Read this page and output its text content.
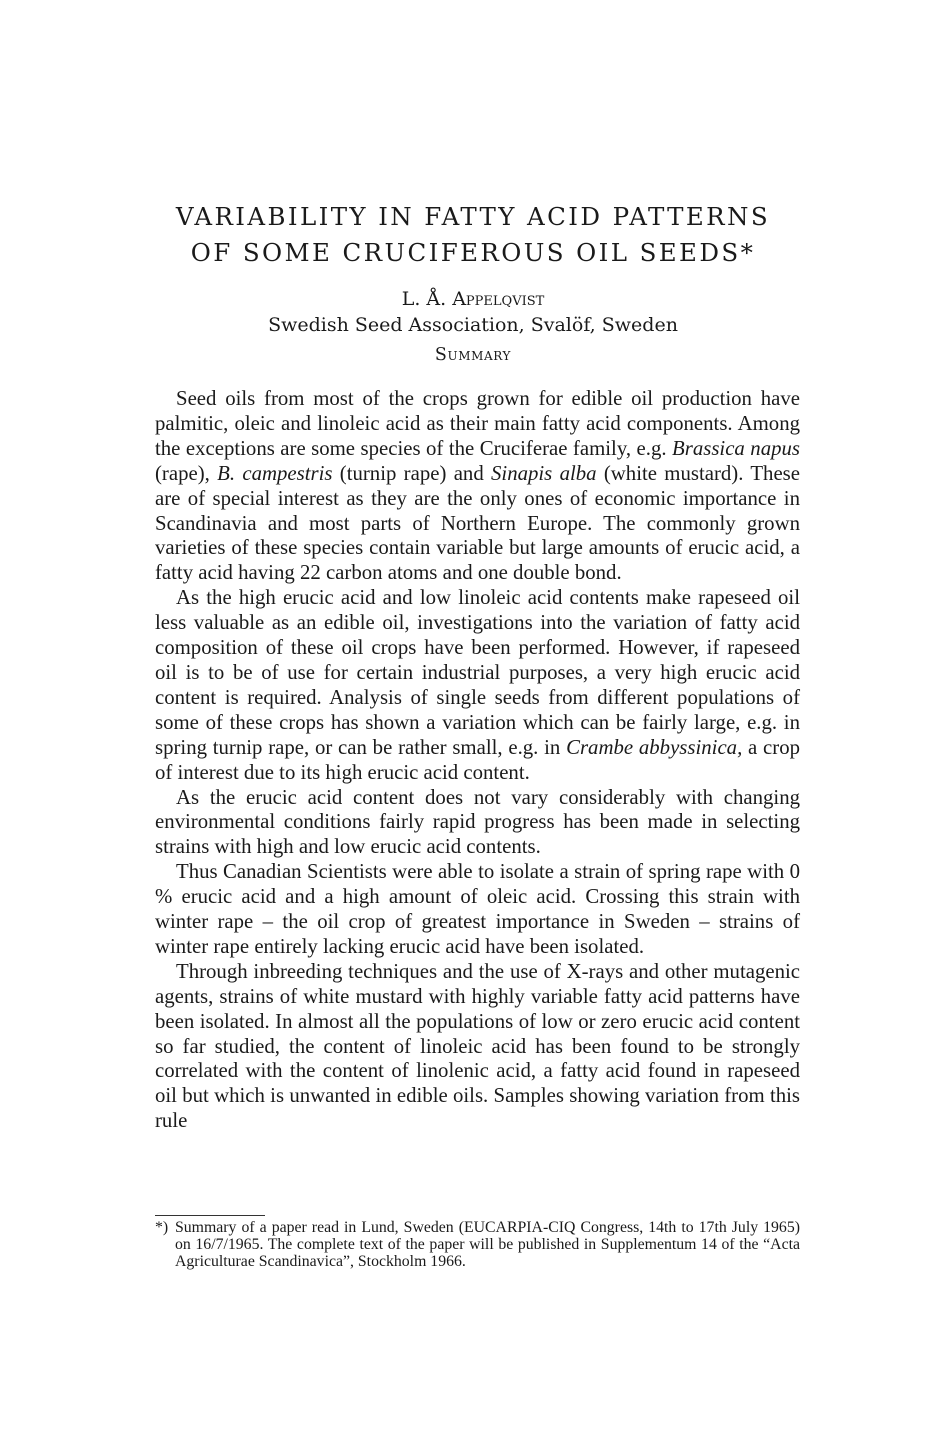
VARIABILITY IN FATTY ACID PATTERNS
OF SOME CRUCIFEROUS OIL SEEDS*
L. Å. Appelqvist
Swedish Seed Association, Svalöf, Sweden
Summary

Seed oils from most of the crops grown for edible oil production have palmitic, oleic and linoleic acid as their main fatty acid components. Among the exceptions are some species of the Cruciferae family, e.g. Brassica napus (rape), B. campestris (turnip rape) and Sinapis alba (white mustard). These are of special interest as they are the only ones of economic importance in Scandinavia and most parts of Northern Europe. The commonly grown varieties of these species contain variable but large amounts of erucic acid, a fatty acid having 22 carbon atoms and one double bond.

As the high erucic acid and low linoleic acid contents make rapeseed oil less valuable as an edible oil, investigations into the variation of fatty acid composition of these oil crops have been performed. However, if rapeseed oil is to be of use for certain industrial purposes, a very high erucic acid content is required. Analysis of single seeds from different populations of some of these crops has shown a variation which can be fairly large, e.g. in spring turnip rape, or can be rather small, e.g. in Crambe abbyssinica, a crop of interest due to its high erucic acid content.

As the erucic acid content does not vary considerably with changing environmental conditions fairly rapid progress has been made in selecting strains with high and low erucic acid contents.

Thus Canadian Scientists were able to isolate a strain of spring rape with 0 % erucic acid and a high amount of oleic acid. Crossing this strain with winter rape – the oil crop of greatest importance in Sweden – strains of winter rape entirely lacking erucic acid have been isolated.

Through inbreeding techniques and the use of X-rays and other mutagenic agents, strains of white mustard with highly variable fatty acid patterns have been isolated. In almost all the populations of low or zero erucic acid content so far studied, the content of linoleic acid has been found to be strongly correlated with the content of linolenic acid, a fatty acid found in rapeseed oil but which is unwanted in edible oils. Samples showing variation from this rule

*) Summary of a paper read in Lund, Sweden (EUCARPIA-CIQ Congress, 14th to 17th July 1965) on 16/7/1965. The complete text of the paper will be published in Supplementum 14 of the “Acta Agriculturae Scandinavica”, Stockholm 1966.
